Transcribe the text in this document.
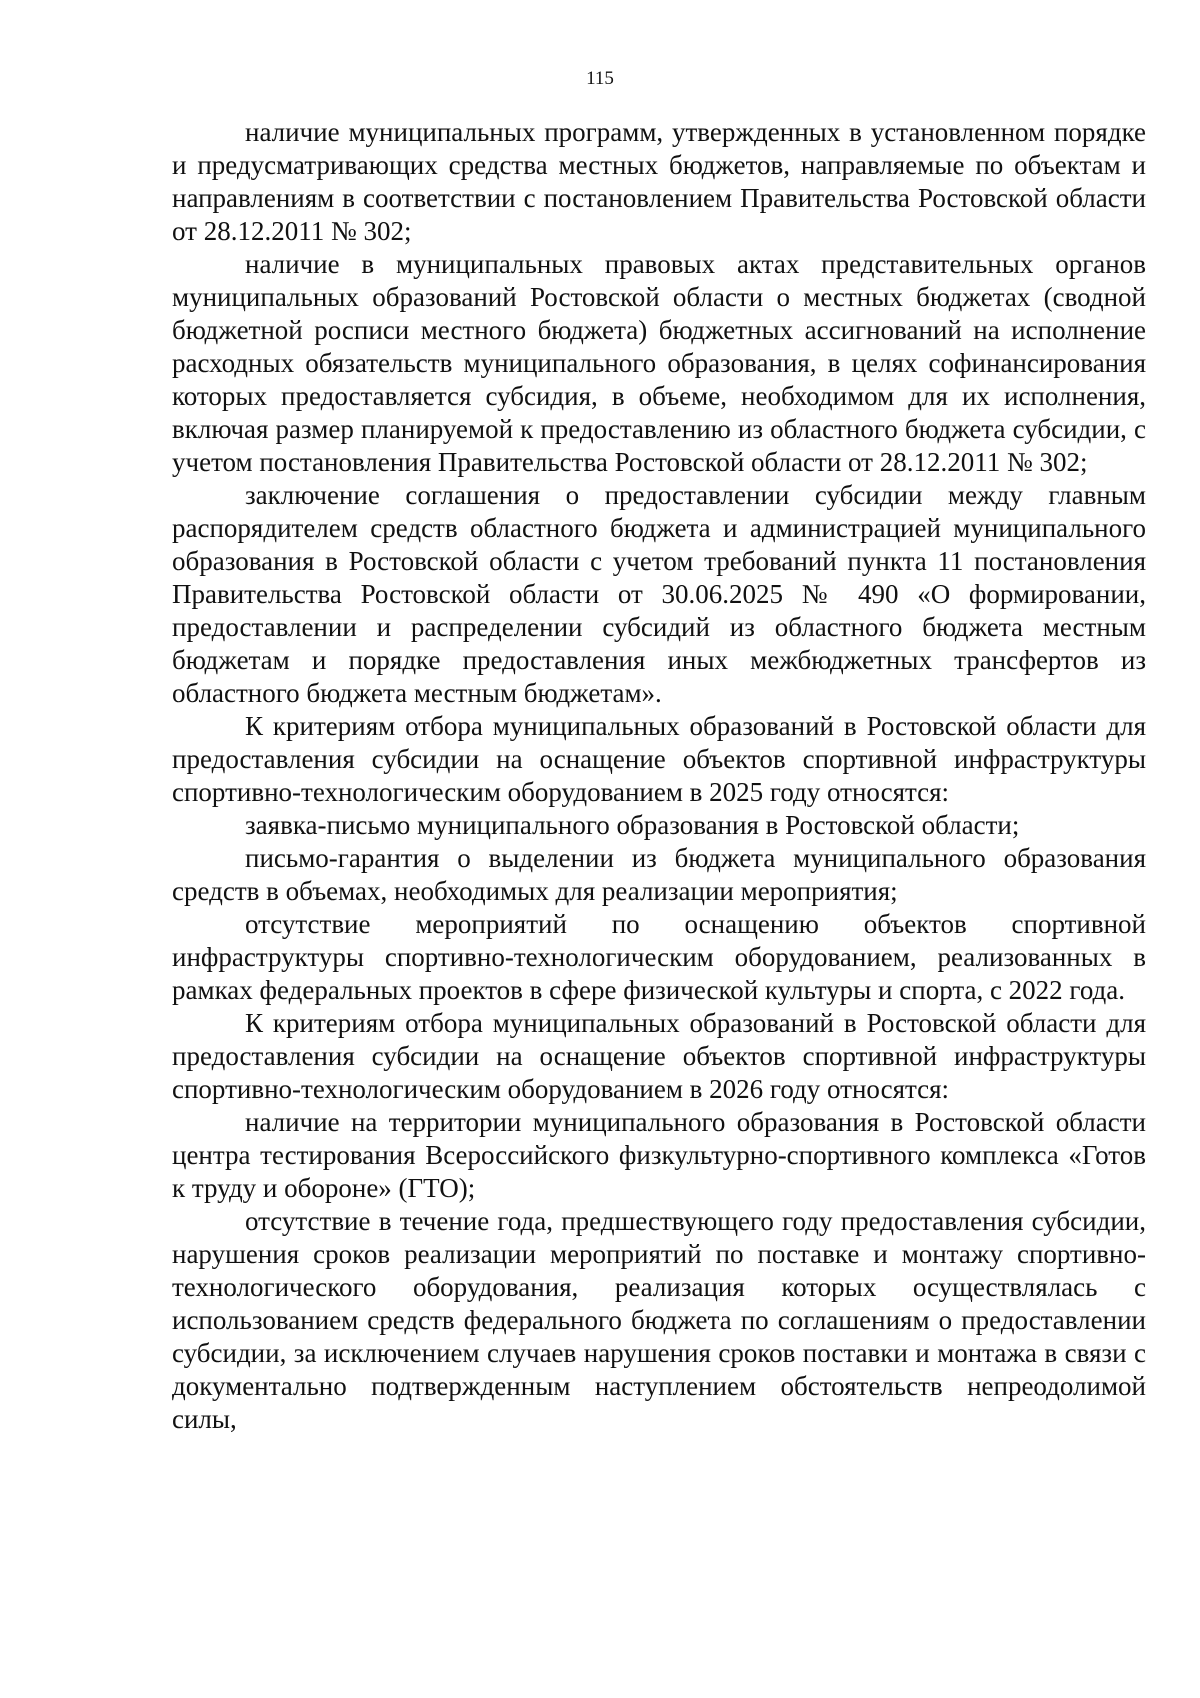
115

наличие муниципальных программ, утвержденных в установленном порядке и предусматривающих средства местных бюджетов, направляемые по объектам и направлениям в соответствии с постановлением Правительства Ростовской области от 28.12.2011 № 302;

наличие в муниципальных правовых актах представительных органов муниципальных образований Ростовской области о местных бюджетах (сводной бюджетной росписи местного бюджета) бюджетных ассигнований на исполнение расходных обязательств муниципального образования, в целях софинансирования которых предоставляется субсидия, в объеме, необходимом для их исполнения, включая размер планируемой к предоставлению из областного бюджета субсидии, с учетом постановления Правительства Ростовской области от 28.12.2011 № 302;

заключение соглашения о предоставлении субсидии между главным распорядителем средств областного бюджета и администрацией муниципального образования в Ростовской области с учетом требований пункта 11 постановления Правительства Ростовской области от 30.06.2025 № 490 «О формировании, предоставлении и распределении субсидий из областного бюджета местным бюджетам и порядке предоставления иных межбюджетных трансфертов из областного бюджета местным бюджетам».

К критериям отбора муниципальных образований в Ростовской области для предоставления субсидии на оснащение объектов спортивной инфраструктуры спортивно-технологическим оборудованием в 2025 году относятся:

заявка-письмо муниципального образования в Ростовской области;

письмо-гарантия о выделении из бюджета муниципального образования средств в объемах, необходимых для реализации мероприятия;

отсутствие мероприятий по оснащению объектов спортивной инфраструктуры спортивно-технологическим оборудованием, реализованных в рамках федеральных проектов в сфере физической культуры и спорта, с 2022 года.

К критериям отбора муниципальных образований в Ростовской области для предоставления субсидии на оснащение объектов спортивной инфраструктуры спортивно-технологическим оборудованием в 2026 году относятся:

наличие на территории муниципального образования в Ростовской области центра тестирования Всероссийского физкультурно-спортивного комплекса «Готов к труду и обороне» (ГТО);

отсутствие в течение года, предшествующего году предоставления субсидии, нарушения сроков реализации мероприятий по поставке и монтажу спортивно-технологического оборудования, реализация которых осуществлялась с использованием средств федерального бюджета по соглашениям о предоставлении субсидии, за исключением случаев нарушения сроков поставки и монтажа в связи с документально подтвержденным наступлением обстоятельств непреодолимой силы,
